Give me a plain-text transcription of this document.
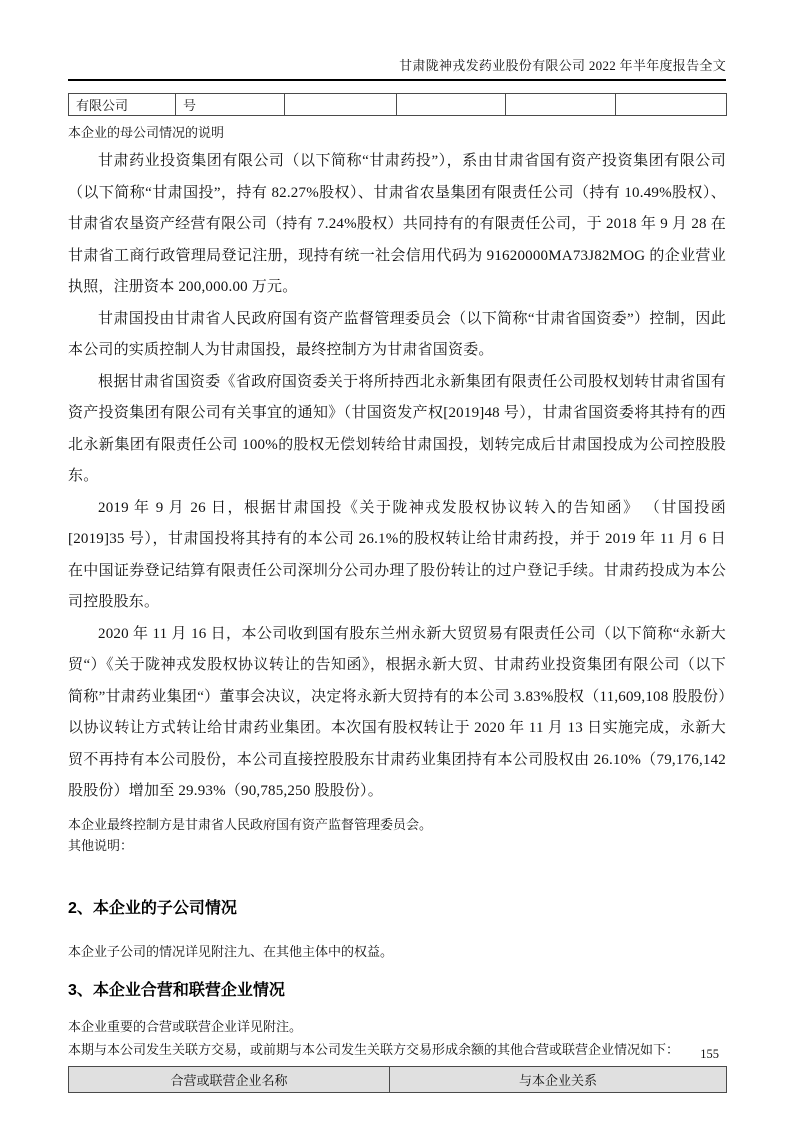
甘肃陇神戎发药业股份有限公司 2022 年半年度报告全文
有限公司	号				

本企业的母公司情况的说明

甘肃药业投资集团有限公司（以下简称“甘肃药投”），系由甘肃省国有资产投资集团有限公司（以下简称“甘肃国投”，持有 82.27%股权）、甘肃省农垦集团有限责任公司（持有 10.49%股权）、甘肃省农垦资产经营有限公司（持有 7.24%股权）共同持有的有限责任公司，于 2018 年 9 月 28 在甘肃省工商行政管理局登记注册，现持有统一社会信用代码为 91620000MA73J82MOG 的企业营业执照，注册资本 200,000.00 万元。

甘肃国投由甘肃省人民政府国有资产监督管理委员会（以下简称“甘肃省国资委”）控制，因此本公司的实质控制人为甘肃国投，最终控制方为甘肃省国资委。

根据甘肃省国资委《省政府国资委关于将所持西北永新集团有限责任公司股权划转甘肃省国有资产投资集团有限公司有关事宜的通知》（甘国资发产权[2019]48 号），甘肃省国资委将其持有的西北永新集团有限责任公司 100%的股权无偿划转给甘肃国投，划转完成后甘肃国投成为公司控股股东。

2019 年 9 月 26 日，根据甘肃国投《关于陇神戎发股权协议转入的告知函》 （甘国投函[2019]35 号），甘肃国投将其持有的本公司 26.1%的股权转让给甘肃药投，并于 2019 年 11 月 6 日在中国证券登记结算有限责任公司深圳分公司办理了股份转让的过户登记手续。甘肃药投成为本公司控股股东。

2020 年 11 月 16 日，本公司收到国有股东兰州永新大贸贸易有限责任公司（以下简称“永新大贸“）《关于陇神戎发股权协议转让的告知函》，根据永新大贸、甘肃药业投资集团有限公司（以下简称”甘肃药业集团“）董事会决议，决定将永新大贸持有的本公司 3.83%股权（11,609,108 股股份）以协议转让方式转让给甘肃药业集团。本次国有股权转让于 2020 年 11 月 13 日实施完成，永新大贸不再持有本公司股份，本公司直接控股股东甘肃药业集团持有本公司股权由 26.10%（79,176,142 股股份）增加至 29.93%（90,785,250 股股份）。

本企业最终控制方是甘肃省人民政府国有资产监督管理委员会。

其他说明：

2、本企业的子公司情况

本企业子公司的情况详见附注九、在其他主体中的权益。

3、本企业合营和联营企业情况

本企业重要的合营或联营企业详见附注。

本期与本公司发生关联方交易，或前期与本公司发生关联方交易形成余额的其他合营或联营企业情况如下：

合营或联营企业名称	与本企业关系
155
